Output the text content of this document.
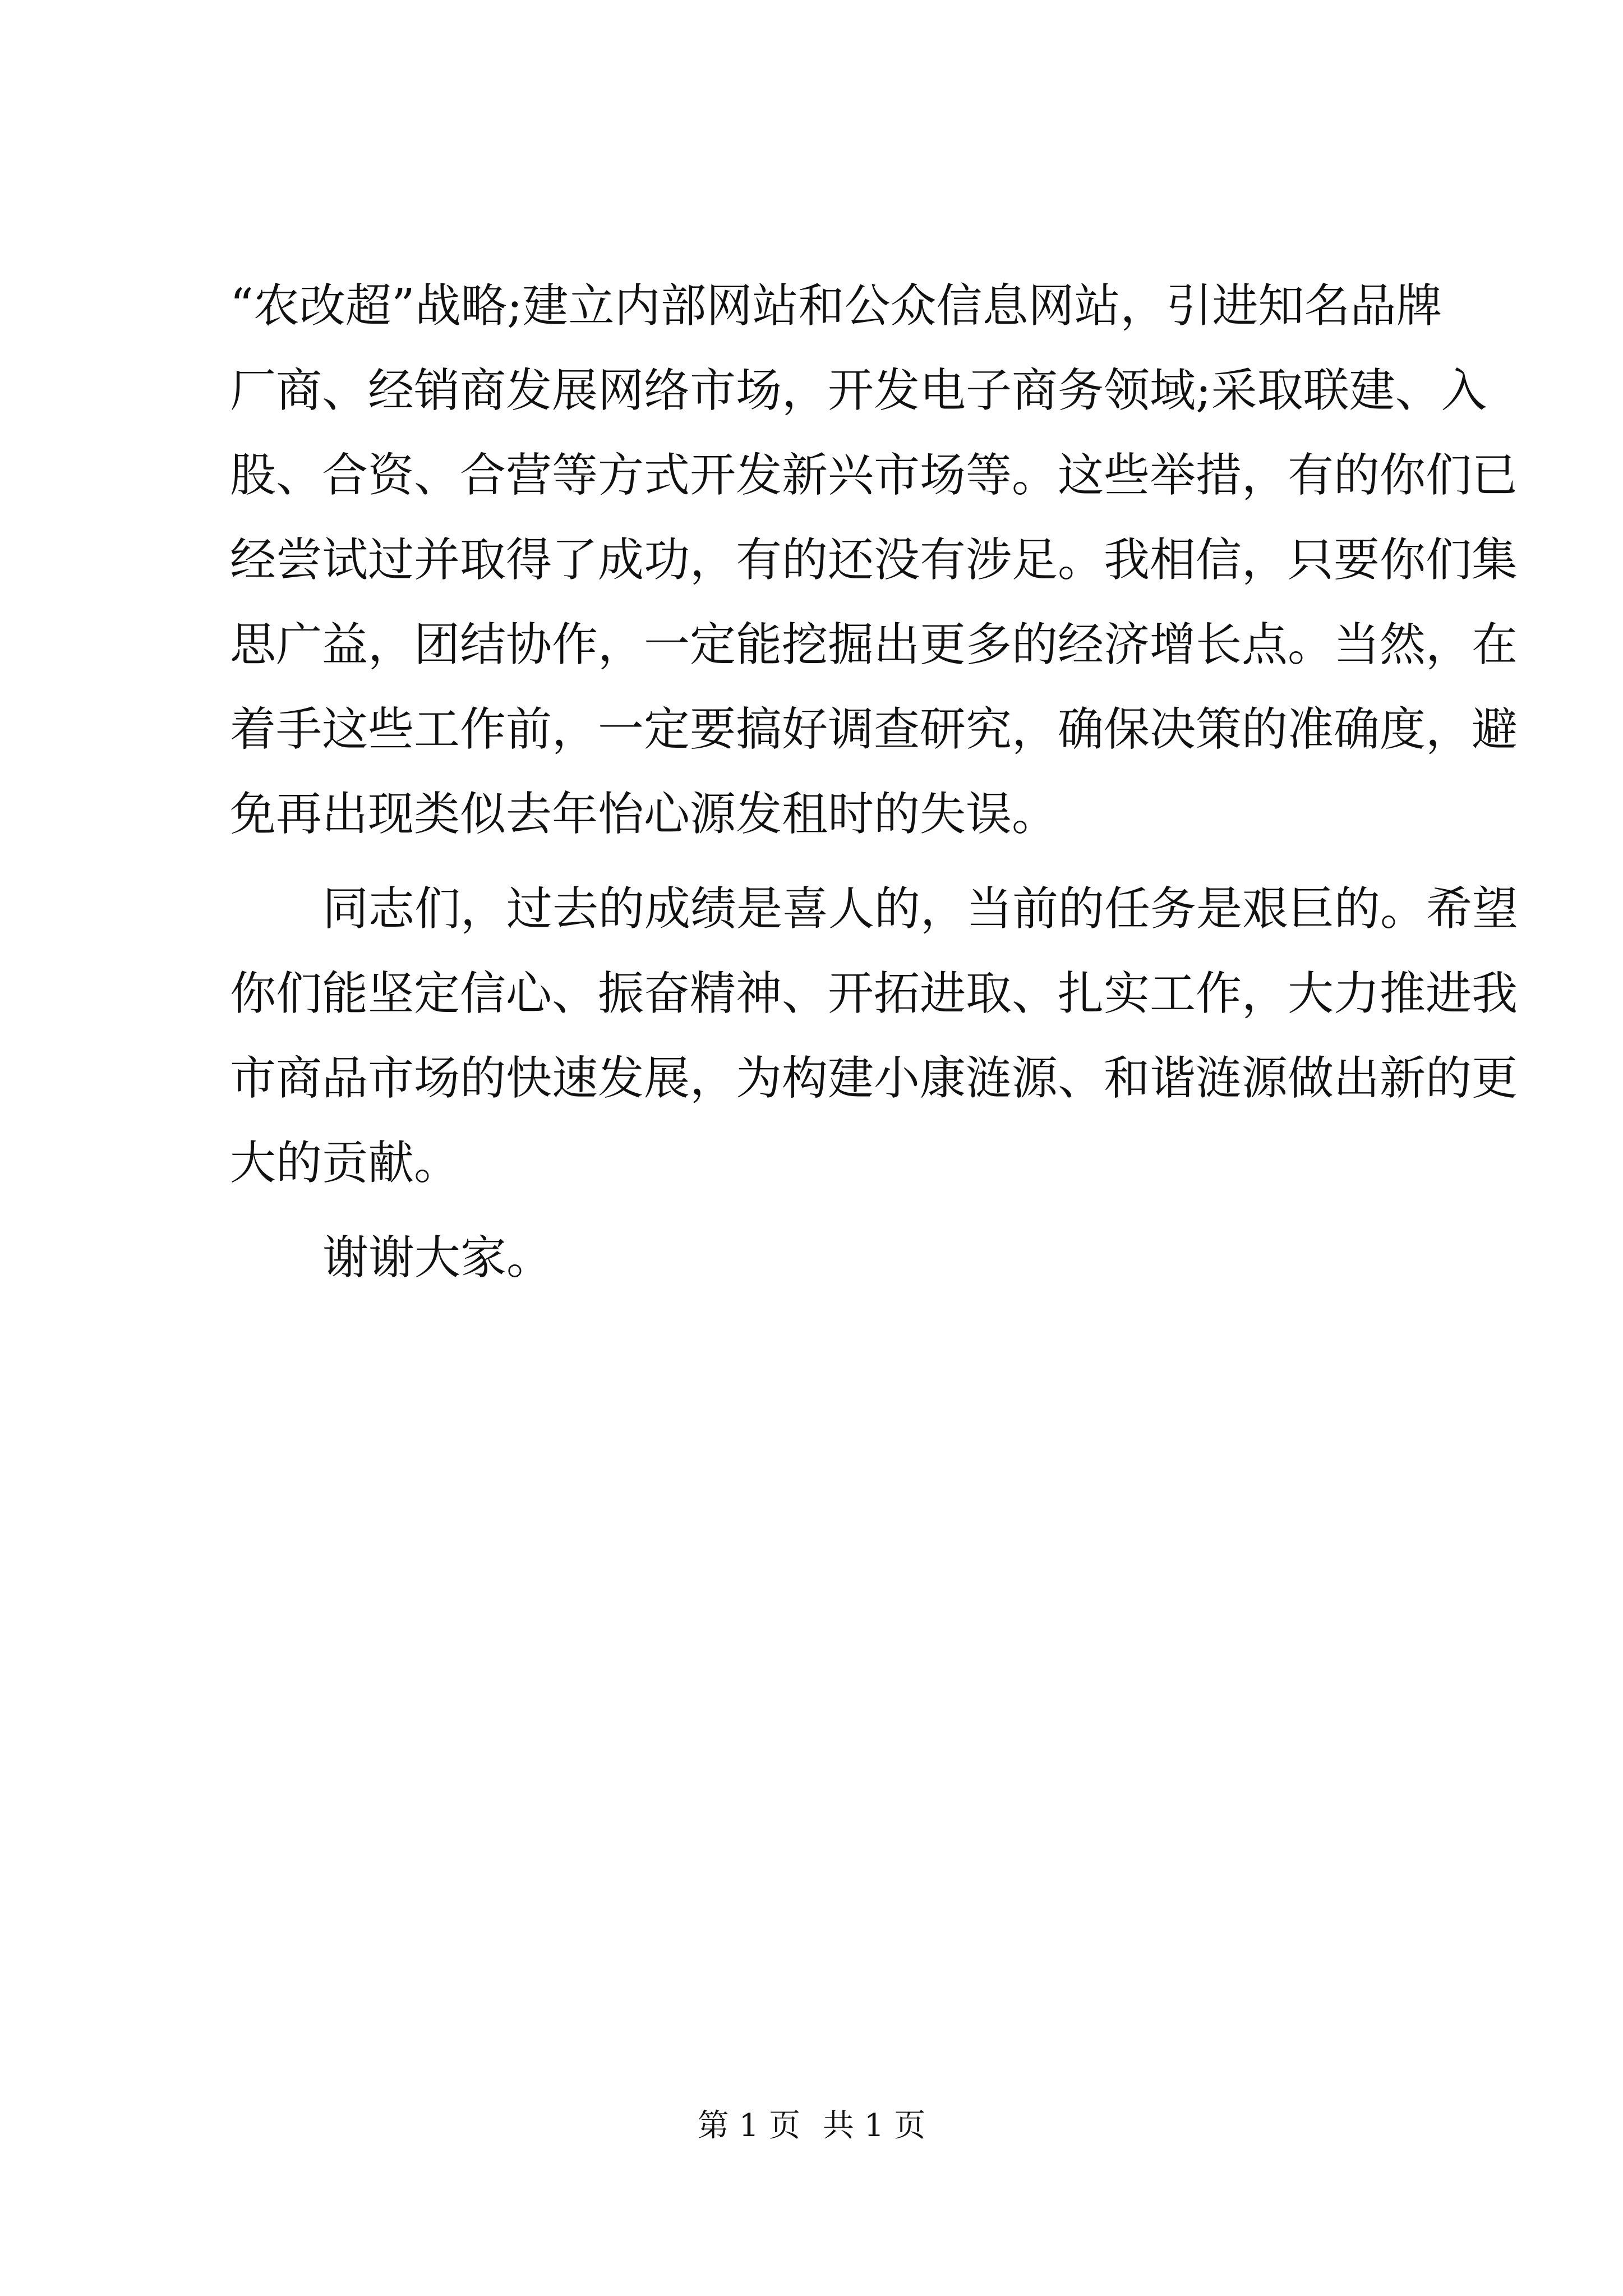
“农改超”战略;建立内部网站和公众信息网站，引进知名品牌
厂商、经销商发展网络市场，开发电子商务领域;采取联建、入
股、合资、合营等方式开发新兴市场等。这些举措，有的你们已
经尝试过并取得了成功，有的还没有涉足。我相信，只要你们集
思广益，团结协作，一定能挖掘出更多的经济增长点。当然，在
着手这些工作前，一定要搞好调查研究，确保决策的准确度，避
免再出现类似去年怡心源发租时的失误。
同志们，过去的成绩是喜人的，当前的任务是艰巨的。希望
你们能坚定信心、振奋精神、开拓进取、扎实工作，大力推进我
市商品市场的快速发展，为构建小康涟源、和谐涟源做出新的更
大的贡献。
谢谢大家。
第 1 页 共 1 页
